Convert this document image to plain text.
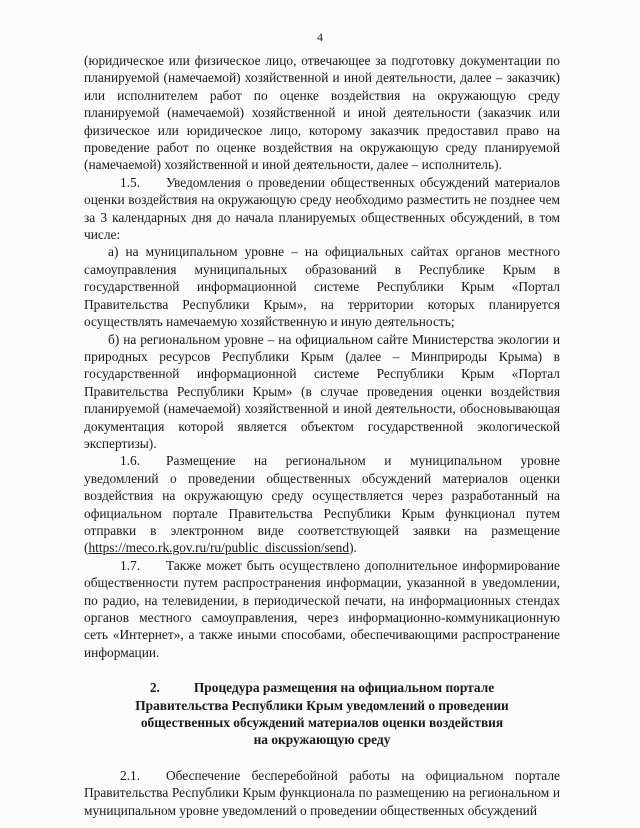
4

(юридическое или физическое лицо, отвечающее за подготовку документации по планируемой (намечаемой) хозяйственной и иной деятельности, далее – заказчик) или исполнителем работ по оценке воздействия на окружающую среду планируемой (намечаемой) хозяйственной и иной деятельности (заказчик или физическое или юридическое лицо, которому заказчик предоставил право на проведение работ по оценке воздействия на окружающую среду планируемой (намечаемой) хозяйственной и иной деятельности, далее – исполнитель).

1.5. Уведомления о проведении общественных обсуждений материалов оценки воздействия на окружающую среду необходимо разместить не позднее чем за 3 календарных дня до начала планируемых общественных обсуждений, в том числе:

а) на муниципальном уровне – на официальных сайтах органов местного самоуправления муниципальных образований в Республике Крым в государственной информационной системе Республики Крым «Портал Правительства Республики Крым», на территории которых планируется осуществлять намечаемую хозяйственную и иную деятельность;

б) на региональном уровне – на официальном сайте Министерства экологии и природных ресурсов Республики Крым (далее – Минприроды Крыма) в государственной информационной системе Республики Крым «Портал Правительства Республики Крым» (в случае проведения оценки воздействия планируемой (намечаемой) хозяйственной и иной деятельности, обосновывающая документация которой является объектом государственной экологической экспертизы).

1.6. Размещение на региональном и муниципальном уровне уведомлений о проведении общественных обсуждений материалов оценки воздействия на окружающую среду осуществляется через разработанный на официальном портале Правительства Республики Крым функционал путем отправки в электронном виде соответствующей заявки на размещение (https://meco.rk.gov.ru/ru/public_discussion/send).

1.7. Также может быть осуществлено дополнительное информирование общественности путем распространения информации, указанной в уведомлении, по радио, на телевидении, в периодической печати, на информационных стендах органов местного самоуправления, через информационно-коммуникационную сеть «Интернет», а также иными способами, обеспечивающими распространение информации.

2.	Процедура размещения на официальном портале
Правительства Республики Крым уведомлений о проведении
общественных обсуждений материалов оценки воздействия
на окружающую среду

2.1. Обеспечение бесперебойной работы на официальном портале Правительства Республики Крым функционала по размещению на региональном и муниципальном уровне уведомлений о проведении общественных обсуждений
